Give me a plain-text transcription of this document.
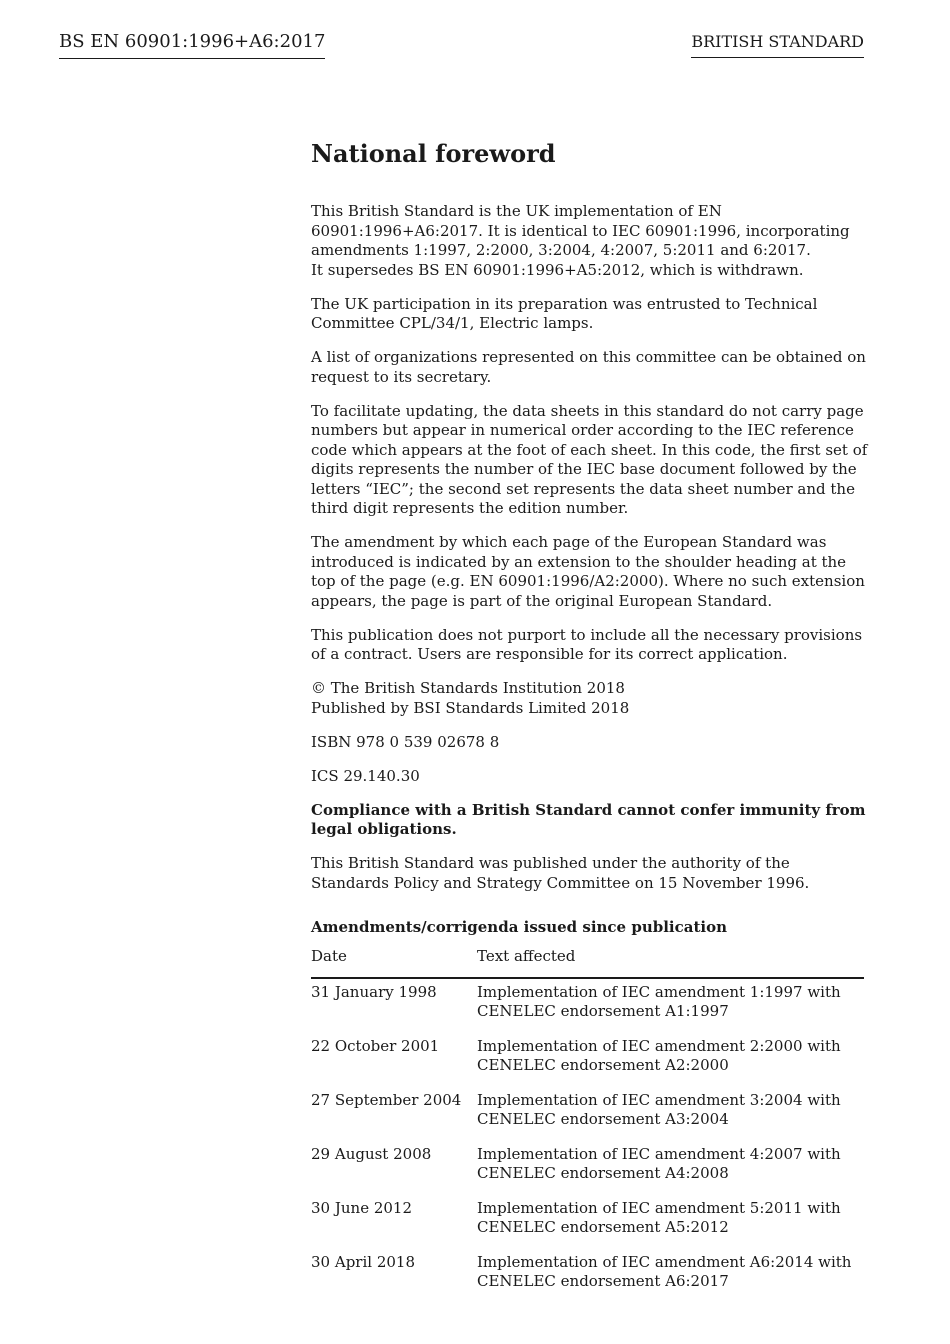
BS EN 60901:1996+A6:2017	BRITISH STANDARD
National foreword
This British Standard is the UK implementation of EN
60901:1996+A6:2017. It is identical to IEC 60901:1996, incorporating
amendments 1:1997, 2:2000, 3:2004, 4:2007, 5:2011 and 6:2017.
It supersedes BS EN 60901:1996+A5:2012, which is withdrawn.
The UK participation in its preparation was entrusted to Technical
Committee CPL/34/1, Electric lamps.
A list of organizations represented on this committee can be obtained on
request to its secretary.
To facilitate updating, the data sheets in this standard do not carry page
numbers but appear in numerical order according to the IEC reference
code which appears at the foot of each sheet. In this code, the first set of
digits represents the number of the IEC base document followed by the
letters “IEC”; the second set represents the data sheet number and the
third digit represents the edition number.
The amendment by which each page of the European Standard was
introduced is indicated by an extension to the shoulder heading at the
top of the page (e.g. EN 60901:1996/A2:2000). Where no such extension
appears, the page is part of the original European Standard.
This publication does not purport to include all the necessary provisions
of a contract. Users are responsible for its correct application.
© The British Standards Institution 2018
Published by BSI Standards Limited 2018
ISBN 978 0 539 02678 8
ICS 29.140.30
Compliance with a British Standard cannot confer immunity from
legal obligations.
This British Standard was published under the authority of the
Standards Policy and Strategy Committee on 15 November 1996.
Amendments/corrigenda issued since publication
Date	Text affected
31 January 1998	Implementation of IEC amendment 1:1997 with
CENELEC endorsement A1:1997

22 October 2001	Implementation of IEC amendment 2:2000 with
CENELEC endorsement A2:2000

27 September 2004	Implementation of IEC amendment 3:2004 with
CENELEC endorsement A3:2004

29 August 2008	Implementation of IEC amendment 4:2007 with
CENELEC endorsement A4:2008

30 June 2012	Implementation of IEC amendment 5:2011 with
CENELEC endorsement A5:2012

30 April 2018	Implementation of IEC amendment A6:2014 with
CENELEC endorsement A6:2017
